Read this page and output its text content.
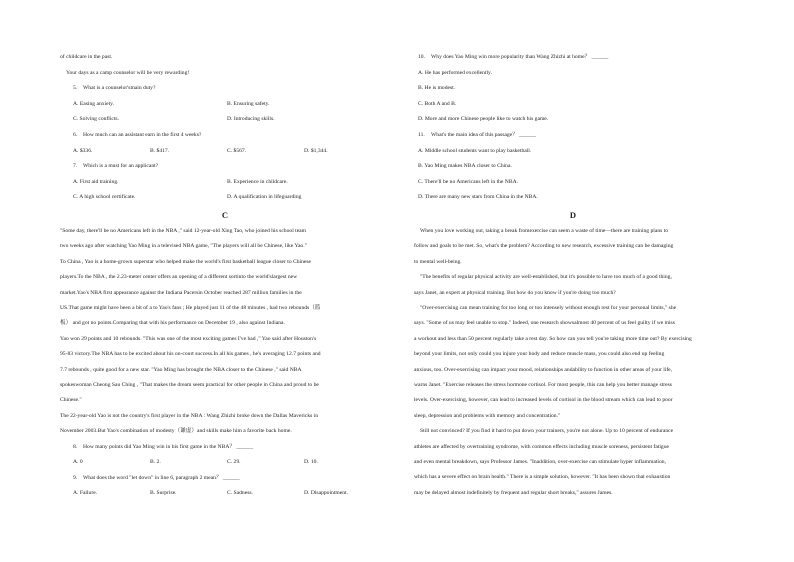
of childcare in the past.
Your days as a camp counselor will be very rewarding!
5. What is a counselor'smain duty?
A. Easing anxiety.	B. Ensuring safety.
C. Solving conflicts.	D. Introducing skills.
6. How much can an assistant earn in the first 4 weeks?
A. $336.	B. $417.	C. $567.	D. $1,344.
7. Which is a must for an applicant?
A. First aid training.	B. Experience in childcare.
C. A high school certificate.	D. A qualification in lifeguarding
C
"Some day, there'll be no Americans left in the NBA ," said 12-year-old Xing Tao, who joined his school team
two weeks ago after watching Yao Ming in a televised NBA game, "The players will all be Chinese, like Yao."
To China , Yao is a home-grown superstar who helped make the world's first basketball league closer to Chinese
players.To the NBA , the 2.23-meter center offers an opening of a different sortinto the world'slargest new
market.Yao's NBA first appearance against the Indiana Pacersin October reached 287 million families in the
US.That game might have been a bit of a to Yao's fans ; He played just 11 of the 48 minutes , had two rebounds（篮
板） and got no points.Comparing that with his performance on December 19 , also against Indiana.
Yao won 29 points and 10 rebounds. "This was one of the most exciting games I've had ," Yao said after Houston's
95-83 victory.The NBA has to be excited about his on-court success.In all his games , he's averaging 12.7 points and
7.7 rebounds , quite good for a new star. "Yao Ming has brought the NBA closer to the Chinese ," said NBA
spokeswoman Cheong Sau Ching , "That makes the dream seem practical for other people in China and proud to be
Chinese."
The 22-year-old Yao is not the country's first player in the NBA : Wang Zhizhi broke down the Dallas Mavericks in
November 2003.But Yao's combination of modesty（谦虚）and skills make him a favorite back home.
8. How many points did Yao Ming win in his first game in the NBA？ ______
A. 0	B. 2.	C. 29.	D. 10.
9. What does the word "let down" in line 6, paragraph 2 mean？ ______
A. Failure.	B. Surprise.	C. Sadness.	D. Disappointment.
10. Why does Yao Ming win more popularity than Wang Zhizhi at home？ ______
A. He has performed excellently.
B. He is modest.
C. Both A and B.
D. More and more Chinese people like to watch his game.
11. What's the main idea of this passage？ ______
A. Middle school students want to play basketball.
B. Yao Ming makes NBA closer to China.
C. There'll be no Americans left in the NBA.
D. There are many new stars from China in the NBA.
D
When you love working out, taking a break fromexercise can seem a waste of time—there are training plans to
follow and goals to be met. So, what's the problem? According to new research, excessive training can be damaging
to mental well-being.
"The benefits of regular physical activity are well-established, but it's possible to have too much of a good thing,
says Janet, an expert at physical training. But how do you know if you're doing too much?
"Over-exercising can mean training for too long or too intensely without enough rest for your personal limits," she
says. "Some of us may feel unable to stop." Indeed, one research showsalmost 40 percent of us feel guilty if we miss
a workout and less than 50 percent regularly take a rest day. So how can you tell you're taking more time out? By exercising
beyond your limits, not only could you injure your body and reduce muscle mass, you could also end up feeling
anxious, too. Over-exercising can impact your mood, relationships andability to function in other areas of your life,
warns Janet. "Exercise releases the stress hormone cortisol. For most people, this can help you better manage stress
levels. Over-exercising, however, can lead to increased levels of cortisol in the blood stream which can lead to poor
sleep, depression and problems with memory and concentration."
Still not convinced? If you find it hard to put down your trainers, you're not alone. Up to 10 percent of endurance
athletes are affected by overtraining syndrome, with common effects including muscle soreness, persistent fatigue
and even mental breakdown, says Professor James. "Inaddition, over-exercise can stimulate hyper inflammation,
which has a severe effect on brain health." There is a simple solution, however. "It has been shown that exhaustion
may be delayed almost indefinitely by frequent and regular short breaks," assures James.
